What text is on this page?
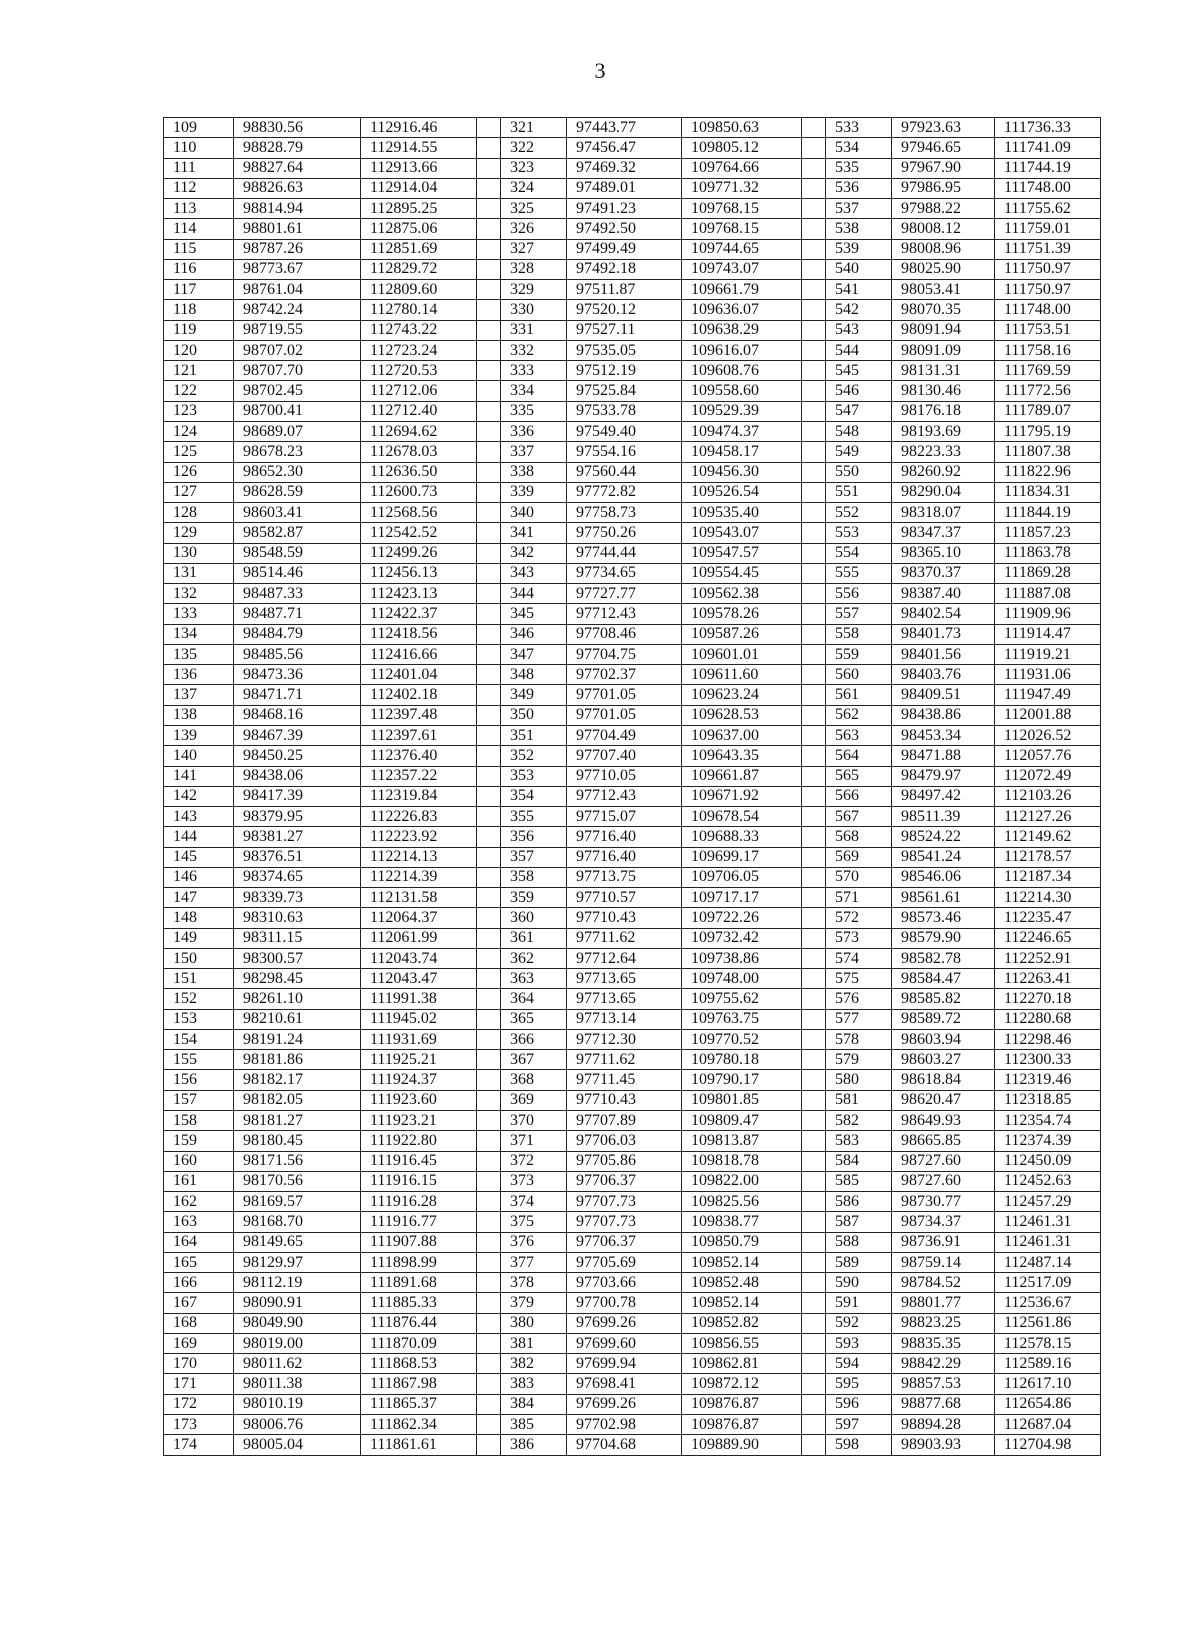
3
109	98830.56	112916.46		321	97443.77	109850.63		533	97923.63	111736.33
110	98828.79	112914.55		322	97456.47	109805.12		534	97946.65	111741.09
111	98827.64	112913.66		323	97469.32	109764.66		535	97967.90	111744.19
112	98826.63	112914.04		324	97489.01	109771.32		536	97986.95	111748.00
113	98814.94	112895.25		325	97491.23	109768.15		537	97988.22	111755.62
114	98801.61	112875.06		326	97492.50	109768.15		538	98008.12	111759.01
115	98787.26	112851.69		327	97499.49	109744.65		539	98008.96	111751.39
116	98773.67	112829.72		328	97492.18	109743.07		540	98025.90	111750.97
117	98761.04	112809.60		329	97511.87	109661.79		541	98053.41	111750.97
118	98742.24	112780.14		330	97520.12	109636.07		542	98070.35	111748.00
119	98719.55	112743.22		331	97527.11	109638.29		543	98091.94	111753.51
120	98707.02	112723.24		332	97535.05	109616.07		544	98091.09	111758.16
121	98707.70	112720.53		333	97512.19	109608.76		545	98131.31	111769.59
122	98702.45	112712.06		334	97525.84	109558.60		546	98130.46	111772.56
123	98700.41	112712.40		335	97533.78	109529.39		547	98176.18	111789.07
124	98689.07	112694.62		336	97549.40	109474.37		548	98193.69	111795.19
125	98678.23	112678.03		337	97554.16	109458.17		549	98223.33	111807.38
126	98652.30	112636.50		338	97560.44	109456.30		550	98260.92	111822.96
127	98628.59	112600.73		339	97772.82	109526.54		551	98290.04	111834.31
128	98603.41	112568.56		340	97758.73	109535.40		552	98318.07	111844.19
129	98582.87	112542.52		341	97750.26	109543.07		553	98347.37	111857.23
130	98548.59	112499.26		342	97744.44	109547.57		554	98365.10	111863.78
131	98514.46	112456.13		343	97734.65	109554.45		555	98370.37	111869.28
132	98487.33	112423.13		344	97727.77	109562.38		556	98387.40	111887.08
133	98487.71	112422.37		345	97712.43	109578.26		557	98402.54	111909.96
134	98484.79	112418.56		346	97708.46	109587.26		558	98401.73	111914.47
135	98485.56	112416.66		347	97704.75	109601.01		559	98401.56	111919.21
136	98473.36	112401.04		348	97702.37	109611.60		560	98403.76	111931.06
137	98471.71	112402.18		349	97701.05	109623.24		561	98409.51	111947.49
138	98468.16	112397.48		350	97701.05	109628.53		562	98438.86	112001.88
139	98467.39	112397.61		351	97704.49	109637.00		563	98453.34	112026.52
140	98450.25	112376.40		352	97707.40	109643.35		564	98471.88	112057.76
141	98438.06	112357.22		353	97710.05	109661.87		565	98479.97	112072.49
142	98417.39	112319.84		354	97712.43	109671.92		566	98497.42	112103.26
143	98379.95	112226.83		355	97715.07	109678.54		567	98511.39	112127.26
144	98381.27	112223.92		356	97716.40	109688.33		568	98524.22	112149.62
145	98376.51	112214.13		357	97716.40	109699.17		569	98541.24	112178.57
146	98374.65	112214.39		358	97713.75	109706.05		570	98546.06	112187.34
147	98339.73	112131.58		359	97710.57	109717.17		571	98561.61	112214.30
148	98310.63	112064.37		360	97710.43	109722.26		572	98573.46	112235.47
149	98311.15	112061.99		361	97711.62	109732.42		573	98579.90	112246.65
150	98300.57	112043.74		362	97712.64	109738.86		574	98582.78	112252.91
151	98298.45	112043.47		363	97713.65	109748.00		575	98584.47	112263.41
152	98261.10	111991.38		364	97713.65	109755.62		576	98585.82	112270.18
153	98210.61	111945.02		365	97713.14	109763.75		577	98589.72	112280.68
154	98191.24	111931.69		366	97712.30	109770.52		578	98603.94	112298.46
155	98181.86	111925.21		367	97711.62	109780.18		579	98603.27	112300.33
156	98182.17	111924.37		368	97711.45	109790.17		580	98618.84	112319.46
157	98182.05	111923.60		369	97710.43	109801.85		581	98620.47	112318.85
158	98181.27	111923.21		370	97707.89	109809.47		582	98649.93	112354.74
159	98180.45	111922.80		371	97706.03	109813.87		583	98665.85	112374.39
160	98171.56	111916.45		372	97705.86	109818.78		584	98727.60	112450.09
161	98170.56	111916.15		373	97706.37	109822.00		585	98727.60	112452.63
162	98169.57	111916.28		374	97707.73	109825.56		586	98730.77	112457.29
163	98168.70	111916.77		375	97707.73	109838.77		587	98734.37	112461.31
164	98149.65	111907.88		376	97706.37	109850.79		588	98736.91	112461.31
165	98129.97	111898.99		377	97705.69	109852.14		589	98759.14	112487.14
166	98112.19	111891.68		378	97703.66	109852.48		590	98784.52	112517.09
167	98090.91	111885.33		379	97700.78	109852.14		591	98801.77	112536.67
168	98049.90	111876.44		380	97699.26	109852.82		592	98823.25	112561.86
169	98019.00	111870.09		381	97699.60	109856.55		593	98835.35	112578.15
170	98011.62	111868.53		382	97699.94	109862.81		594	98842.29	112589.16
171	98011.38	111867.98		383	97698.41	109872.12		595	98857.53	112617.10
172	98010.19	111865.37		384	97699.26	109876.87		596	98877.68	112654.86
173	98006.76	111862.34		385	97702.98	109876.87		597	98894.28	112687.04
174	98005.04	111861.61		386	97704.68	109889.90		598	98903.93	112704.98
